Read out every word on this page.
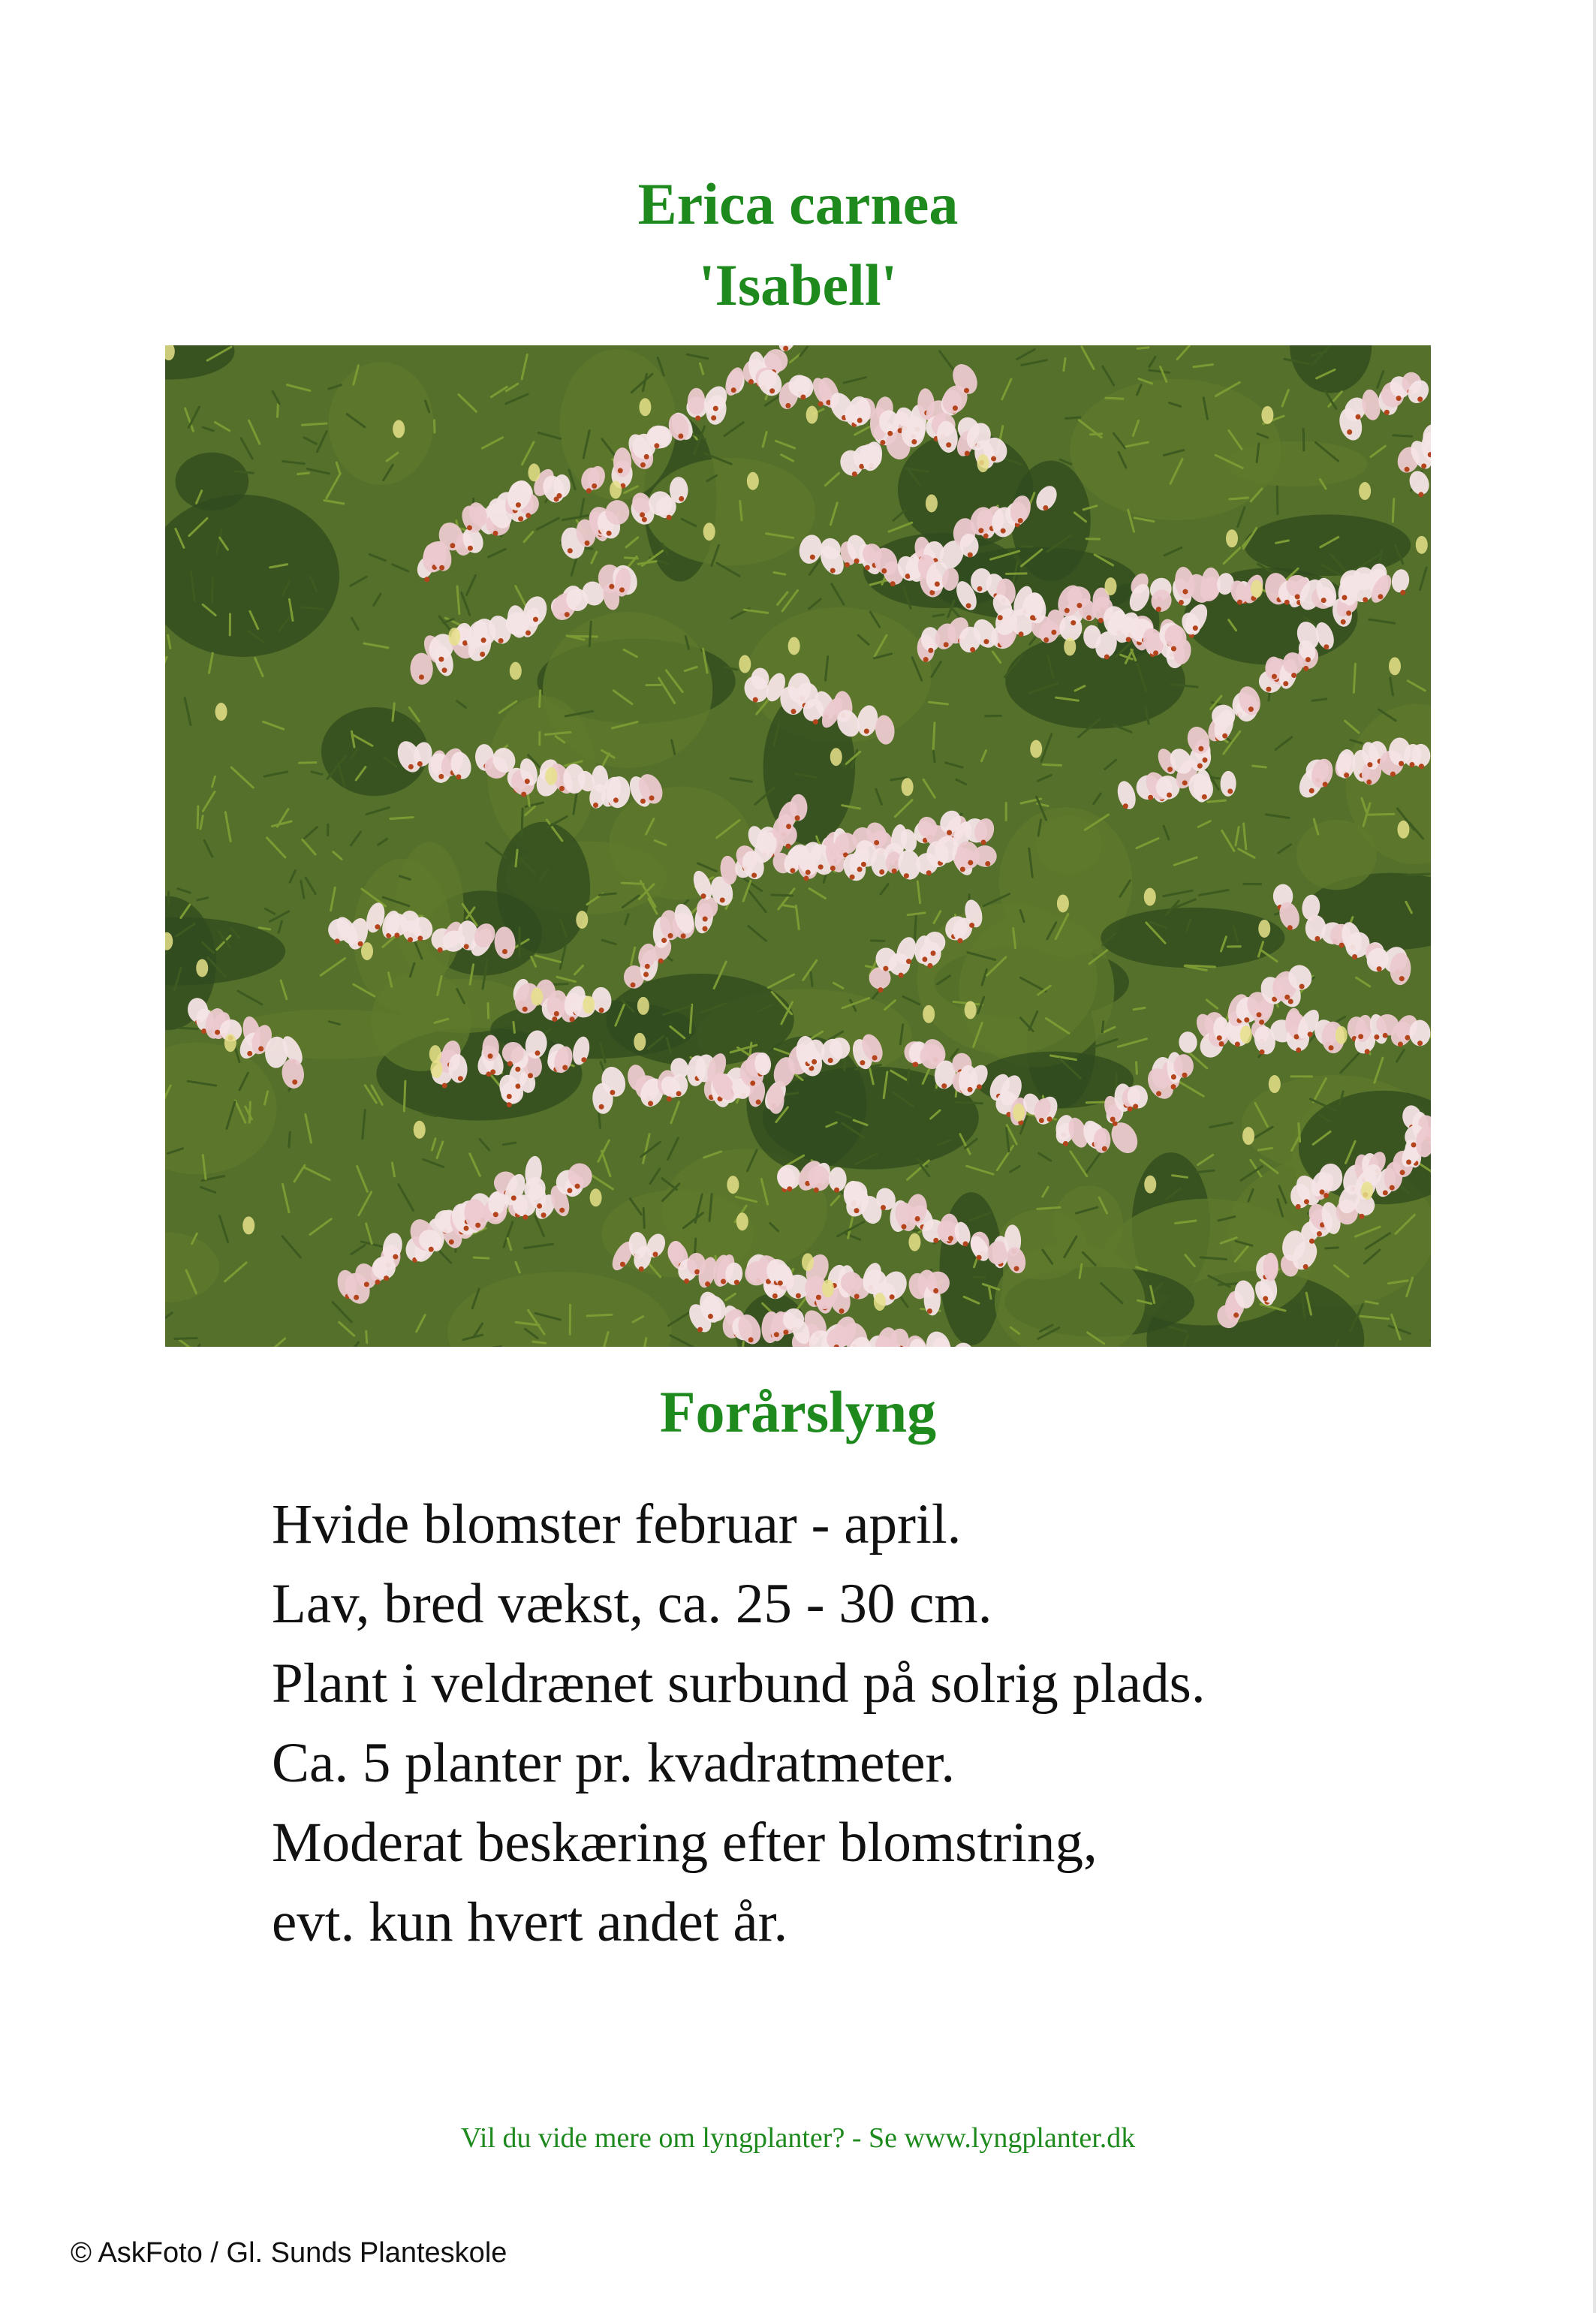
Erica carnea
'Isabell'
Forårslyng
Hvide blomster februar - april.
Lav, bred vækst, ca. 25 - 30 cm.
Plant i veldrænet surbund på solrig plads.
Ca. 5 planter pr. kvadratmeter.
Moderat beskæring efter blomstring,
evt. kun hvert andet år.
Vil du vide mere om lyngplanter? - Se www.lyngplanter.dk
© AskFoto / Gl. Sunds Planteskole
